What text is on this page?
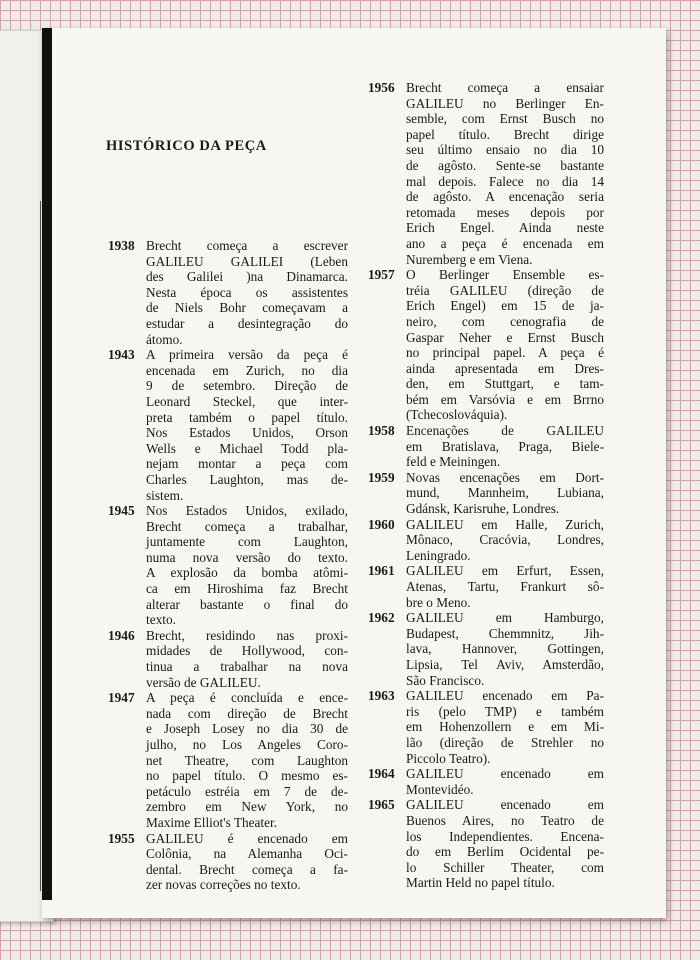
HISTÓRICO DA PEÇA
1938 Brecht começa a escrever
GALILEU GALILEI (Leben
des Galilei )na Dinamarca.
Nesta época os assistentes
de Niels Bohr começavam a
estudar a desintegração do
átomo.
1943 A primeira versão da peça é
encenada em Zurich, no dia
9 de setembro. Direção de
Leonard Steckel, que inter-
preta também o papel título.
Nos Estados Unidos, Orson
Wells e Michael Todd pla-
nejam montar a peça com
Charles Laughton, mas de-
sistem.
1945 Nos Estados Unidos, exilado,
Brecht começa a trabalhar,
juntamente com Laughton,
numa nova versão do texto.
A explosão da bomba atômi-
ca em Hiroshima faz Brecht
alterar bastante o final do
texto.
1946 Brecht, residindo nas proxi-
midades de Hollywood, con-
tinua a trabalhar na nova
versão de GALILEU.
1947 A peça é concluída e ence-
nada com direção de Brecht
e Joseph Losey no dia 30 de
julho, no Los Angeles Coro-
net Theatre, com Laughton
no papel título. O mesmo es-
petáculo estréia em 7 de de-
zembro em New York, no
Maxime Elliot's Theater.
1955 GALILEU é encenado em
Colônia, na Alemanha Oci-
dental. Brecht começa a fa-
zer novas correções no texto.
1956 Brecht começa a ensaiar
GALILEU no Berlinger En-
semble, com Ernst Busch no
papel título. Brecht dirige
seu último ensaio no dia 10
de agôsto. Sente-se bastante
mal depois. Falece no dia 14
de agôsto. A encenação seria
retomada meses depois por
Erich Engel. Ainda neste
ano a peça é encenada em
Nuremberg e em Viena.
1957 O Berlinger Ensemble es-
tréia GALILEU (direção de
Erich Engel) em 15 de ja-
neiro, com cenografia de
Gaspar Neher e Ernst Busch
no principal papel. A peça é
ainda apresentada em Dres-
den, em Stuttgart, e tam-
bém em Varsóvia e em Brrno
(Tchecoslováquia).
1958 Encenações de GALILEU
em Bratislava, Praga, Biele-
feld e Meiningen.
1959 Novas encenações em Dort-
mund, Mannheim, Lubiana,
Gdánsk, Karisruhe, Londres.
1960 GALILEU em Halle, Zurich,
Mônaco, Cracóvia, Londres,
Leningrado.
1961 GALILEU em Erfurt, Essen,
Atenas, Tartu, Frankurt sô-
bre o Meno.
1962 GALILEU em Hamburgo,
Budapest, Chemmnitz, Jih-
lava, Hannover, Gottingen,
Lipsia, Tel Aviv, Amsterdão,
São Francisco.
1963 GALILEU encenado em Pa-
ris (pelo TMP) e também
em Hohenzollern e em Mi-
lão (direção de Strehler no
Piccolo Teatro).
1964 GALILEU encenado em
Montevidéo.
1965 GALILEU encenado em
Buenos Aires, no Teatro de
los Independientes. Encena-
do em Berlim Ocidental pe-
lo Schiller Theater, com
Martin Held no papel título.
